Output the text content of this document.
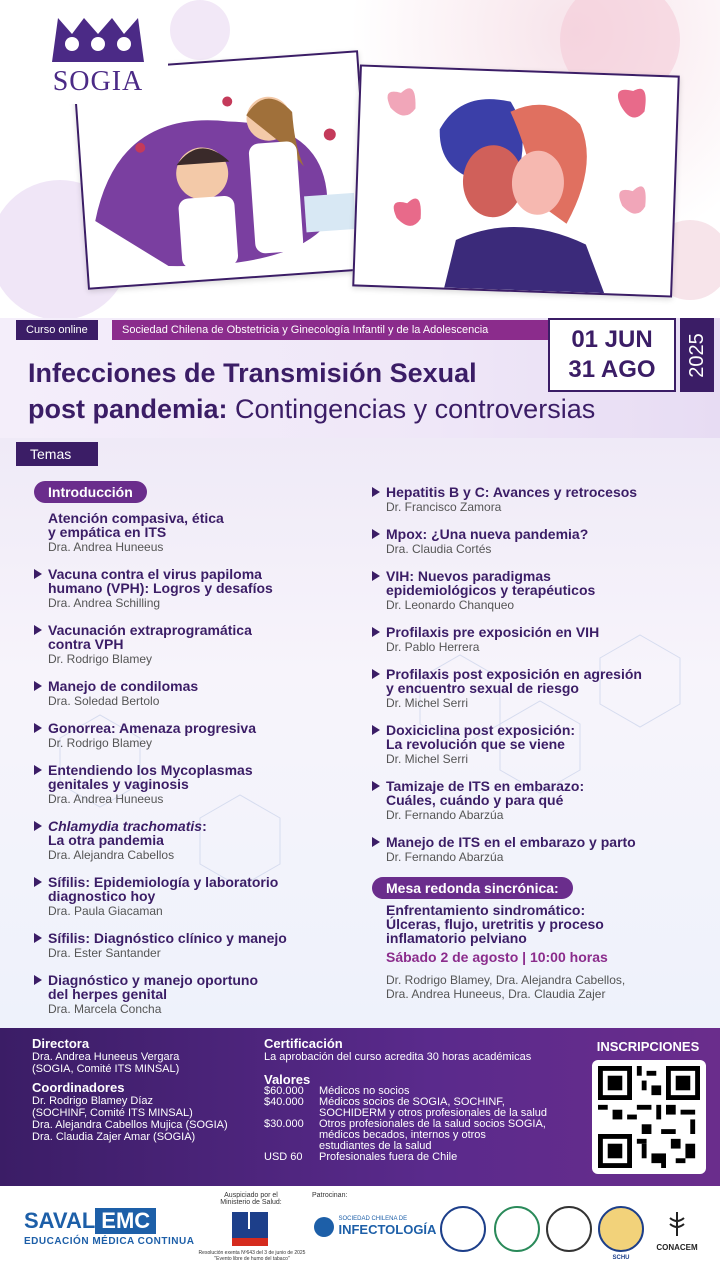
SOGIA
Curso online	Sociedad Chilena de Obstetricia y Ginecología Infantil y de la Adolescencia
Infecciones de Transmisión Sexual
post pandemia: Contingencias y controversias
01 JUN
31 AGO 2025
Temas
Introducción
Atención compasiva, ética
y empática en ITS
Dra. Andrea Huneeus
Vacuna contra el virus papiloma
humano (VPH): Logros y desafíos
Dra. Andrea Schilling
Vacunación extraprogramática
contra VPH
Dr. Rodrigo Blamey
Manejo de condilomas
Dra. Soledad Bertolo
Gonorrea: Amenaza progresiva
Dr. Rodrigo Blamey
Entendiendo los Mycoplasmas
genitales y vaginosis
Dra. Andrea Huneeus
Chlamydia trachomatis:
La otra pandemia
Dra. Alejandra Cabellos
Sífilis: Epidemiología y laboratorio
diagnostico hoy
Dra. Paula Giacaman
Sífilis: Diagnóstico clínico y manejo
Dra. Ester Santander
Diagnóstico y manejo oportuno
del herpes genital
Dra. Marcela Concha
Hepatitis B y C: Avances y retrocesos
Dr. Francisco Zamora
Mpox: ¿Una nueva pandemia?
Dra. Claudia Cortés
VIH: Nuevos paradigmas
epidemiológicos y terapéuticos
Dr. Leonardo Chanqueo
Profilaxis pre exposición en VIH
Dr. Pablo Herrera
Profilaxis post exposición en agresión
y encuentro sexual de riesgo
Dr. Michel Serri
Doxiciclina post exposición:
La revolución que se viene
Dr. Michel Serri
Tamizaje de ITS en embarazo:
Cuáles, cuándo y para qué
Dr. Fernando Abarzúa
Manejo de ITS en el embarazo y parto
Dr. Fernando Abarzúa
Mesa redonda sincrónica:
Enfrentamiento sindromático:
Úlceras, flujo, uretritis y proceso
inflamatorio pelviano
Sábado 2 de agosto | 10:00 horas
Dr. Rodrigo Blamey, Dra. Alejandra Cabellos,
Dra. Andrea Huneeus, Dra. Claudia Zajer
Directora
Dra. Andrea Huneeus Vergara
(SOGIA, Comité ITS MINSAL)
Coordinadores
Dr. Rodrigo Blamey Díaz
(SOCHINF, Comité ITS MINSAL)
Dra. Alejandra Cabellos Mujica (SOGIA)
Dra. Claudia Zajer Amar (SOGIA)
Certificación
La aprobación del curso acredita 30 horas académicas
Valores
$60.000	Médicos no socios
$40.000	Médicos socios de SOGIA, SOCHINF,
SOCHIDERM y otros profesionales de la salud
$30.000	Otros profesionales de la salud socios SOGIA,
médicos becados, internos y otros
estudiantes de la salud
USD 60	Profesionales fuera de Chile
INSCRIPCIONES
SAVAL EMC
EDUCACIÓN MÉDICA CONTINUA
Auspiciado por el
Ministerio de Salud:
Resolución exenta Nº643 del 3 de junio de 2025
"Evento libre de humo del tabaco"
Patrocinan:

SOCIEDAD CHILENA DE
INFECTOLOGÍA
SCHU
CONACEM
